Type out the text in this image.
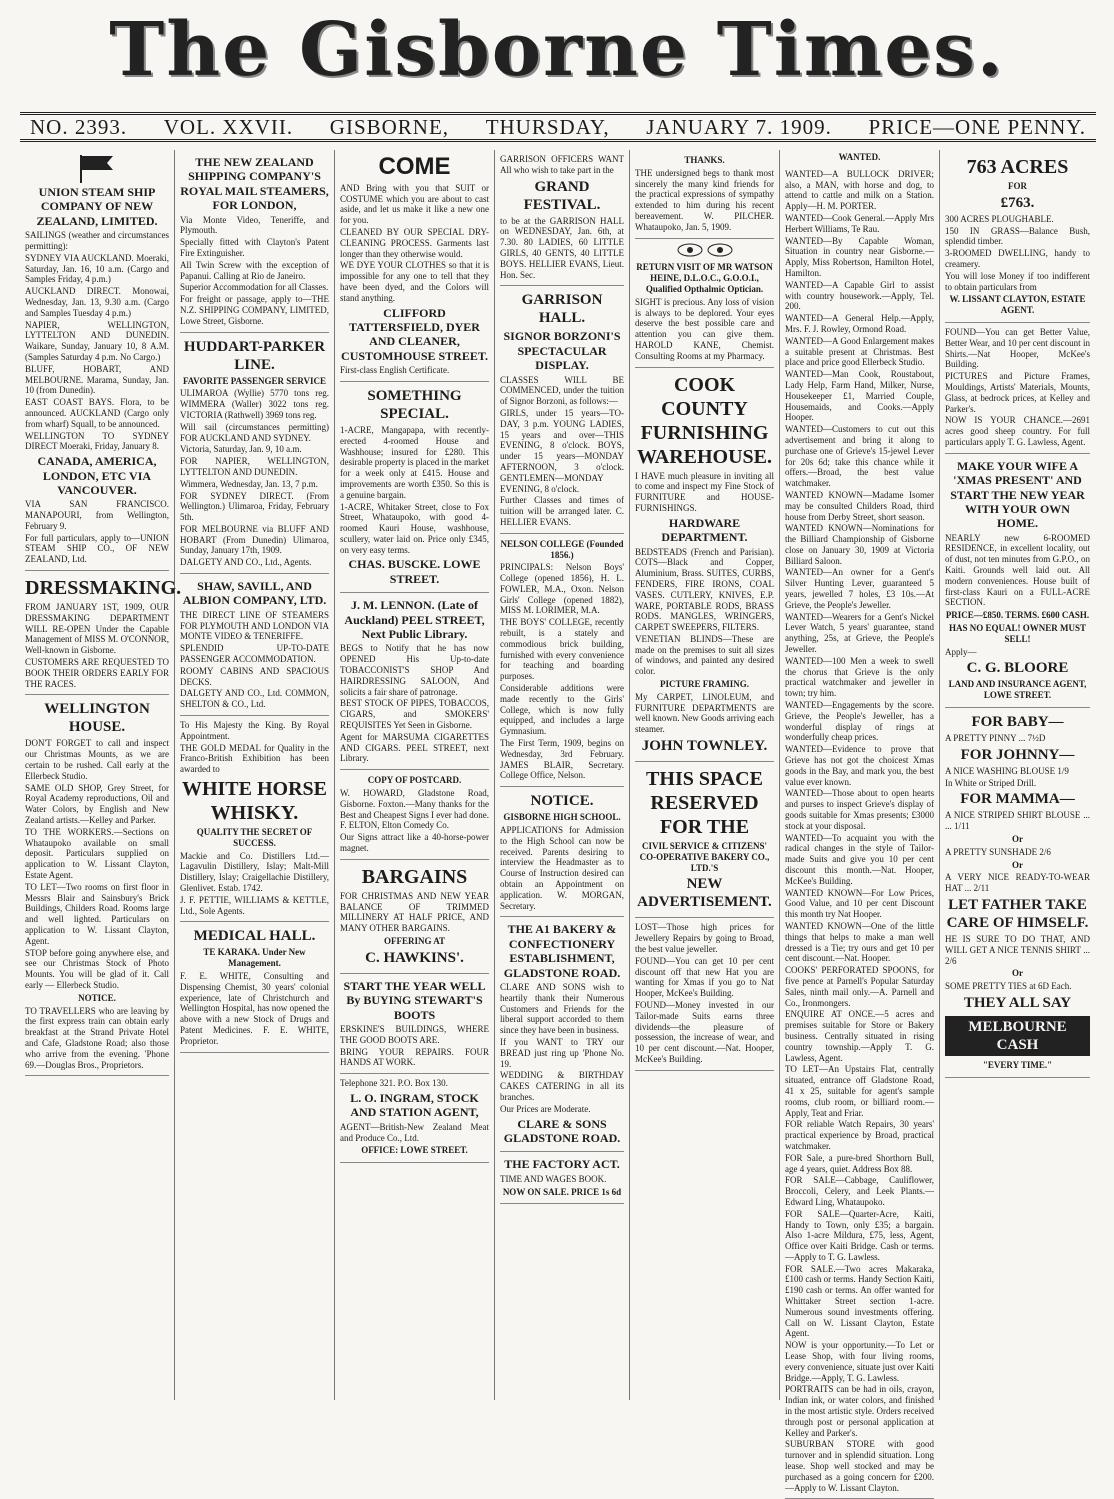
The Gisborne Times.
NO. 2393. VOL. XXVII. GISBORNE, THURSDAY, JANUARY 7. 1909. PRICE—ONE PENNY.
UNION STEAM SHIP COMPANY OF NEW ZEALAND, LIMITED.

SAILINGS (weather and circumstances permitting):

SYDNEY VIA AUCKLAND. Moeraki, Saturday, Jan. 16, 10 a.m. (Cargo and Samples Friday, 4 p.m.)

AUCKLAND DIRECT. Monowai, Wednesday, Jan. 13, 9.30 a.m. (Cargo and Samples Tuesday 4 p.m.)

NAPIER, WELLINGTON, LYTTELTON AND DUNEDIN. Waikare, Sunday, January 10, 8 A.M. (Samples Saturday 4 p.m. No Cargo.)

BLUFF, HOBART, AND MELBOURNE. Marama, Sunday, Jan. 10 (from Dunedin).

EAST COAST BAYS. Flora, to be announced. AUCKLAND (Cargo only from wharf) Squall, to be announced.

WELLINGTON TO SYDNEY DIRECT Moeraki, Friday, January 8.

CANADA, AMERICA, LONDON, ETC VIA VANCOUVER.

VIA SAN FRANCISCO. MANAPOURI, from Wellington, February 9.

For full particulars, apply to—UNION STEAM SHIP CO., OF NEW ZEALAND, Ltd.

DRESSMAKING.

FROM JANUARY 1ST, 1909, OUR DRESSMAKING DEPARTMENT WILL RE-OPEN Under the Capable Management of MISS M. O'CONNOR, Well-known in Gisborne.

CUSTOMERS ARE REQUESTED TO BOOK THEIR ORDERS EARLY FOR THE RACES.

WELLINGTON HOUSE.

DON'T FORGET to call and inspect our Christmas Mounts, as we are certain to be rushed. Call early at the Ellerbeck Studio.

SAME OLD SHOP, Grey Street, for Royal Academy reproductions, Oil and Water Colors, by English and New Zealand artists.—Kelley and Parker.

TO THE WORKERS.—Sections on Whataupoko available on small deposit. Particulars supplied on application to W. Lissant Clayton, Estate Agent.

TO LET—Two rooms on first floor in Messrs Blair and Sainsbury's Brick Buildings, Childers Road. Rooms large and well lighted. Particulars on application to W. Lissant Clayton, Agent.

STOP before going anywhere else, and see our Christmas Stock of Photo Mounts. You will be glad of it. Call early — Ellerbeck Studio.

NOTICE.

TO TRAVELLERS who are leaving by the first express train can obtain early breakfast at the Strand Private Hotel and Cafe, Gladstone Road; also those who arrive from the evening. 'Phone 69.—Douglas Bros., Proprietors.

THE NEW ZEALAND SHIPPING COMPANY'S ROYAL MAIL STEAMERS, FOR LONDON,

Via Monte Video, Teneriffe, and Plymouth.

Specially fitted with Clayton's Patent Fire Extinguisher.

All Twin Screw with the exception of Papanui. Calling at Rio de Janeiro.

Superior Accommodation for all Classes.

For freight or passage, apply to—THE N.Z. SHIPPING COMPANY, LIMITED, Lowe Street, Gisborne.

HUDDART-PARKER LINE.
FAVORITE PASSENGER SERVICE

ULIMAROA (Wyllie) 5770 tons reg. WIMMERA (Waller) 3022 tons reg. VICTORIA (Rathwell) 3969 tons reg.

Will sail (circumstances permitting) FOR AUCKLAND AND SYDNEY.

Victoria, Saturday, Jan. 9, 10 a.m.

FOR NAPIER, WELLINGTON, LYTTELTON AND DUNEDIN.

Wimmera, Wednesday, Jan. 13, 7 p.m.

FOR SYDNEY DIRECT. (From Wellington.) Ulimaroa, Friday, February 5th.

FOR MELBOURNE via BLUFF AND HOBART (From Dunedin) Ulimaroa, Sunday, January 17th, 1909.

DALGETY AND CO., Ltd., Agents.

SHAW, SAVILL, AND ALBION COMPANY, LTD.

THE DIRECT LINE OF STEAMERS FOR PLYMOUTH AND LONDON VIA MONTE VIDEO & TENERIFFE.

SPLENDID UP-TO-DATE PASSENGER ACCOMMODATION.

ROOMY CABINS AND SPACIOUS DECKS.

DALGETY AND CO., Ltd. COMMON, SHELTON & CO., Ltd.

To His Majesty the King. By Royal Appointment.

THE GOLD MEDAL for Quality in the Franco-British Exhibition has been awarded to

WHITE HORSE WHISKY.
QUALITY THE SECRET OF SUCCESS.

Mackie and Co. Distillers Ltd.—Lagavulin Distillery, Islay; Malt-Mill Distillery, Islay; Craigellachie Distillery, Glenlivet. Estab. 1742.

J. F. PETTIE, WILLIAMS & KETTLE, Ltd., Sole Agents.

MEDICAL HALL.
TE KARAKA. Under New Management.

F. E. WHITE, Consulting and Dispensing Chemist, 30 years' colonial experience, late of Christchurch and Wellington Hospital, has now opened the above with a new Stock of Drugs and Patent Medicines. F. E. WHITE, Proprietor.

COME

AND Bring with you that SUIT or COSTUME which you are about to cast aside, and let us make it like a new one for you.

CLEANED BY OUR SPECIAL DRY-CLEANING PROCESS. Garments last longer than they otherwise would.

WE DYE YOUR CLOTHES so that it is impossible for any one to tell that they have been dyed, and the Colors will stand anything.

CLIFFORD TATTERSFIELD, DYER AND CLEANER, CUSTOMHOUSE STREET.

First-class English Certificate.

SOMETHING SPECIAL.

1-ACRE, Mangapapa, with recently-erected 4-roomed House and Washhouse; insured for £280. This desirable property is placed in the market for a week only at £415. House and improvements are worth £350. So this is a genuine bargain.

1-ACRE, Whitaker Street, close to Fox Street, Whataupoko, with good 4-roomed Kauri House, washhouse, scullery, water laid on. Price only £345, on very easy terms.

CHAS. BUSCKE. LOWE STREET.
J. M. LENNON. (Late of Auckland) PEEL STREET, Next Public Library.

BEGS to Notify that he has now OPENED His Up-to-date TOBACCONIST'S SHOP And HAIRDRESSING SALOON, And solicits a fair share of patronage.

BEST STOCK OF PIPES, TOBACCOS, CIGARS, and SMOKERS' REQUISITES Yet Seen in Gisborne.

Agent for MARSUMA CIGARETTES AND CIGARS. PEEL STREET, next Library.

COPY OF POSTCARD.

W. HOWARD, Gladstone Road, Gisborne. Foxton.—Many thanks for the Best and Cheapest Signs I ever had done. F. ELTON, Elton Comedy Co.

Our Signs attract like a 40-horse-power magnet.

BARGAINS

FOR CHRISTMAS AND NEW YEAR BALANCE OF TRIMMED MILLINERY AT HALF PRICE, AND MANY OTHER BARGAINS.

OFFERING AT
C. HAWKINS'.
START THE YEAR WELL By BUYING STEWART'S BOOTS

ERSKINE'S BUILDINGS, WHERE THE GOOD BOOTS ARE.

BRING YOUR REPAIRS. FOUR HANDS AT WORK.

Telephone 321. P.O. Box 130.

L. O. INGRAM, STOCK AND STATION AGENT,

AGENT—British-New Zealand Meat and Produce Co., Ltd.

OFFICE: LOWE STREET.

GARRISON OFFICERS WANT All who wish to take part in the

GRAND FESTIVAL.

to be at the GARRISON HALL on WEDNESDAY, Jan. 6th, at 7.30. 80 LADIES, 60 LITTLE GIRLS, 40 GENTS, 40 LITTLE BOYS. HELLIER EVANS, Lieut. Hon. Sec.

GARRISON HALL.
SIGNOR BORZONI'S SPECTACULAR DISPLAY.

CLASSES WILL BE COMMENCED, under the tuition of Signor Borzoni, as follows:—

GIRLS, under 15 years—TO-DAY, 3 p.m. YOUNG LADIES, 15 years and over—THIS EVENING, 8 o'clock. BOYS, under 15 years—MONDAY AFTERNOON, 3 o'clock. GENTLEMEN—MONDAY EVENING, 8 o'clock.

Further Classes and times of tuition will be arranged later. C. HELLIER EVANS.

NELSON COLLEGE (Founded 1856.)

PRINCIPALS: Nelson Boys' College (opened 1856), H. L. FOWLER, M.A., Oxon. Nelson Girls' College (opened 1882), MISS M. LORIMER, M.A.

THE BOYS' COLLEGE, recently rebuilt, is a stately and commodious brick building, furnished with every convenience for teaching and boarding purposes.

Considerable additions were made recently to the Girls' College, which is now fully equipped, and includes a large Gymnasium.

The First Term, 1909, begins on Wednesday, 3rd February. JAMES BLAIR, Secretary. College Office, Nelson.

NOTICE.
GISBORNE HIGH SCHOOL.

APPLICATIONS for Admission to the High School can now be received. Parents desiring to interview the Headmaster as to Course of Instruction desired can obtain an Appointment on application. W. MORGAN, Secretary.

THE A1 BAKERY & CONFECTIONERY ESTABLISHMENT, GLADSTONE ROAD.

CLARE AND SONS wish to heartily thank their Numerous Customers and Friends for the liberal support accorded to them since they have been in business.

If you WANT to TRY our BREAD just ring up 'Phone No. 19.

WEDDING & BIRTHDAY CAKES CATERING in all its branches.

Our Prices are Moderate.

CLARE & SONS GLADSTONE ROAD.
THE FACTORY ACT.

TIME AND WAGES BOOK.

NOW ON SALE. PRICE 1s 6d
THANKS.

THE undersigned begs to thank most sincerely the many kind friends for the practical expressions of sympathy extended to him during his recent bereavement. W. PILCHER. Whataupoko, Jan. 5, 1909.

RETURN VISIT OF MR WATSON HEINE, D.L.O.C., G.O.O.I., Qualified Opthalmic Optician.

SIGHT is precious. Any loss of vision is always to be deplored. Your eyes deserve the best possible care and attention you can give them. HAROLD KANE, Chemist. Consulting Rooms at my Pharmacy.

COOK COUNTY FURNISHING WAREHOUSE.

I HAVE much pleasure in inviting all to come and inspect my Fine Stock of FURNITURE and HOUSE-FURNISHINGS.

HARDWARE DEPARTMENT.

BEDSTEADS (French and Parisian). COTS—Black and Copper, Aluminium, Brass. SUITES, CURBS, FENDERS, FIRE IRONS, COAL VASES. CUTLERY, KNIVES, E.P. WARE, PORTABLE RODS, BRASS RODS. MANGLES, WRINGERS, CARPET SWEEPERS, FILTERS.

VENETIAN BLINDS—These are made on the premises to suit all sizes of windows, and painted any desired color.

PICTURE FRAMING.

My CARPET, LINOLEUM, and FURNITURE DEPARTMENTS are well known. New Goods arriving each steamer.

JOHN TOWNLEY.
THIS SPACE RESERVED FOR THE
CIVIL SERVICE & CITIZENS' CO-OPERATIVE BAKERY CO., LTD.'S
NEW ADVERTISEMENT.

LOST—Those high prices for Jewellery Repairs by going to Broad, the best value jeweller.

FOUND—You can get 10 per cent discount off that new Hat you are wanting for Xmas if you go to Nat Hooper, McKee's Building.

FOUND—Money invested in our Tailor-made Suits earns three dividends—the pleasure of possession, the increase of wear, and 10 per cent discount.—Nat. Hooper, McKee's Building.

WANTED.

WANTED—A BULLOCK DRIVER; also, a MAN, with horse and dog, to attend to cattle and milk on a Station. Apply—H. M. PORTER.

WANTED—Cook General.—Apply Mrs Herbert Williams, Te Rau.

WANTED—By Capable Woman, Situation in country near Gisborne.—Apply, Miss Robertson, Hamilton Hotel, Hamilton.

WANTED—A Capable Girl to assist with country housework.—Apply, Tel. 200.

WANTED—A General Help.—Apply, Mrs. F. J. Rowley, Ormond Road.

WANTED—A Good Enlargement makes a suitable present at Christmas. Best place and price good Ellerbeck Studio.

WANTED—Man Cook, Roustabout, Lady Help, Farm Hand, Milker, Nurse, Housekeeper £1, Married Couple, Housemaids, and Cooks.—Apply Hooper.

WANTED—Customers to cut out this advertisement and bring it along to purchase one of Grieve's 15-jewel Lever for 20s 6d; take this chance while it offers.—Broad, the best value watchmaker.

WANTED KNOWN—Madame Isomer may be consulted Childers Road, third house from Derby Street, short season.

WANTED KNOWN—Nominations for the Billiard Championship of Gisborne close on January 30, 1909 at Victoria Billiard Saloon.

WANTED—An owner for a Gent's Silver Hunting Lever, guaranteed 5 years, jewelled 7 holes, £3 10s.—At Grieve, the People's Jeweller.

WANTED—Wearers for a Gent's Nickel Lever Watch, 5 years' guarantee, stand anything, 25s, at Grieve, the People's Jeweller.

WANTED—100 Men a week to swell the chorus that Grieve is the only practical watchmaker and jeweller in town; try him.

WANTED—Engagements by the score. Grieve, the People's Jeweller, has a wonderful display of rings at wonderfully cheap prices.

WANTED—Evidence to prove that Grieve has not got the choicest Xmas goods in the Bay, and mark you, the best value ever known.

WANTED—Those about to open hearts and purses to inspect Grieve's display of goods suitable for Xmas presents; £3000 stock at your disposal.

WANTED—To acquaint you with the radical changes in the style of Tailor-made Suits and give you 10 per cent discount this month.—Nat. Hooper, McKee's Building.

WANTED KNOWN—For Low Prices, Good Value, and 10 per cent Discount this month try Nat Hooper.

WANTED KNOWN—One of the little things that helps to make a man well dressed is a Tie; try ours and get 10 per cent discount.—Nat. Hooper.

COOKS' PERFORATED SPOONS, for five pence at Parnell's Popular Saturday Sales, ninth mail only.—A. Parnell and Co., Ironmongers.

ENQUIRE AT ONCE.—5 acres and premises suitable for Store or Bakery business. Centrally situated in rising country township.—Apply T. G. Lawless, Agent.

TO LET—An Upstairs Flat, centrally situated, entrance off Gladstone Road, 41 x 25, suitable for agent's sample rooms, club room, or billiard room.—Apply, Teat and Friar.

FOR reliable Watch Repairs, 30 years' practical experience by Broad, practical watchmaker.

FOR Sale, a pure-bred Shorthorn Bull, age 4 years, quiet. Address Box 88.

FOR SALE—Cabbage, Cauliflower, Broccoli, Celery, and Leek Plants.—Edward Ling, Whataupoko.

FOR SALE—Quarter-Acre, Kaiti, Handy to Town, only £35; a bargain. Also 1-acre Mildura, £75, less, Agent, Office over Kaiti Bridge. Cash or terms.—Apply to T. G. Lawless.

FOR SALE.—Two acres Makaraka, £100 cash or terms. Handy Section Kaiti, £190 cash or terms. An offer wanted for Whittaker Street section 1-acre. Numerous sound investments offering. Call on W. Lissant Clayton, Estate Agent.

NOW is your opportunity.—To Let or Lease Shop, with four living rooms, every convenience, situate just over Kaiti Bridge.—Apply, T. G. Lawless.

PORTRAITS can be had in oils, crayon, Indian ink, or water colors, and finished in the most artistic style. Orders received through post or personal application at Kelley and Parker's.

SUBURBAN STORE with good turnover and in splendid situation. Long lease. Shop well stocked and may be purchased as a going concern for £200.—Apply to W. Lissant Clayton.

763 ACRES
FOR
£763.

300 ACRES PLOUGHABLE.

150 IN GRASS—Balance Bush, splendid timber.

3-ROOMED DWELLING, handy to creamery.

You will lose Money if too indifferent to obtain particulars from

W. LISSANT CLAYTON, ESTATE AGENT.

FOUND—You can get Better Value, Better Wear, and 10 per cent discount in Shirts.—Nat Hooper, McKee's Building.

PICTURES and Picture Frames, Mouldings, Artists' Materials, Mounts, Glass, at bedrock prices, at Kelley and Parker's.

NOW IS YOUR CHANCE.—2691 acres good sheep country. For full particulars apply T. G. Lawless, Agent.

MAKE YOUR WIFE A 'XMAS PRESENT' AND START THE NEW YEAR WITH YOUR OWN HOME.

NEARLY new 6-ROOMED RESIDENCE, in excellent locality, out of dust, not ten minutes from G.P.O., on Kaiti. Grounds well laid out. All modern conveniences. House built of first-class Kauri on a FULL-ACRE SECTION.

PRICE—£850. TERMS. £600 CASH.
HAS NO EQUAL! OWNER MUST SELL!

Apply—

C. G. BLOORE
LAND AND INSURANCE AGENT, LOWE STREET.
FOR BABY—

A PRETTY PINNY ... 7½D

FOR JOHNNY—

A NICE WASHING BLOUSE 1/9

In White or Striped Drill.

FOR MAMMA—

A NICE STRIPED SHIRT BLOUSE ... ... 1/11

Or

A PRETTY SUNSHADE 2/6

Or

A VERY NICE READY-TO-WEAR HAT ... 2/11

LET FATHER TAKE CARE OF HIMSELF.

HE IS SURE TO DO THAT, AND WILL GET A NICE TENNIS SHIRT ... 2/6

Or

SOME PRETTY TIES at 6D Each.

THEY ALL SAY
MELBOURNE CASH
"EVERY TIME."
